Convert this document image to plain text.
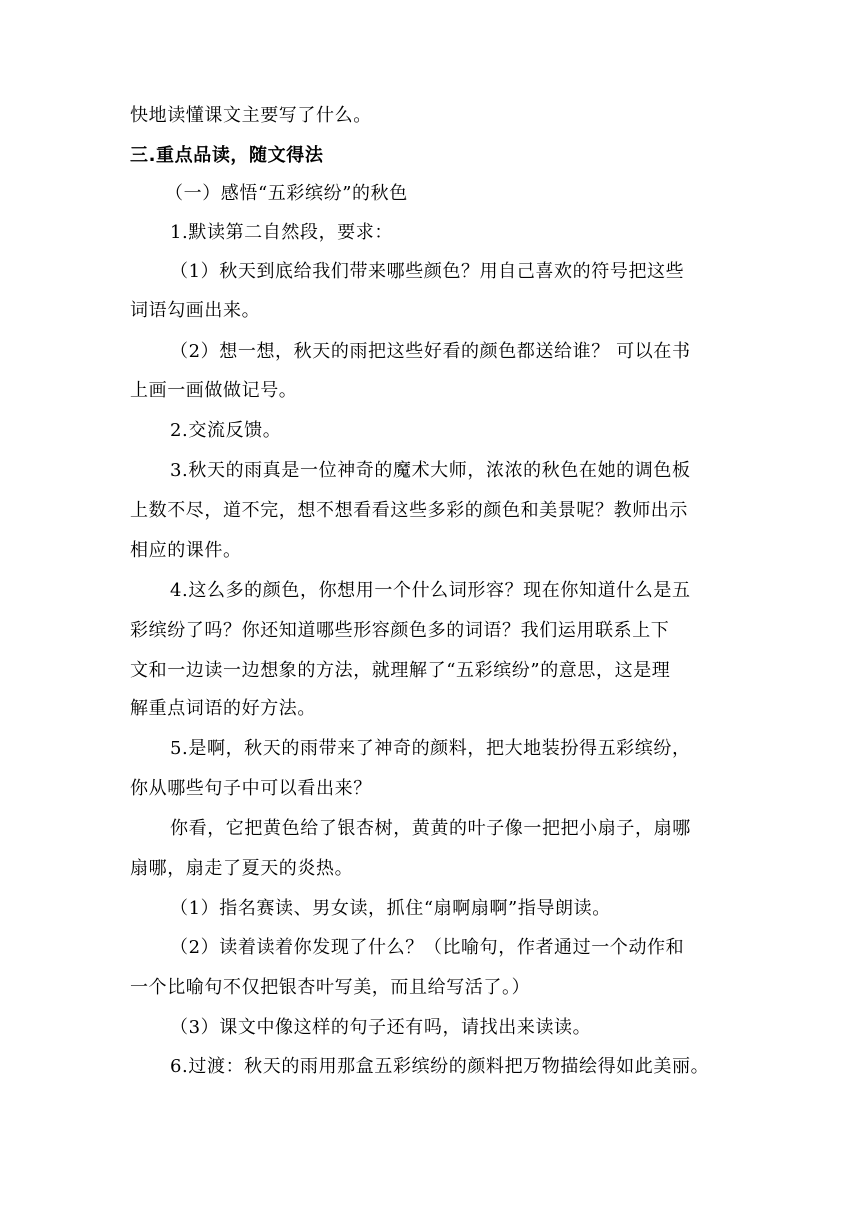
快地读懂课文主要写了什么。
三.重点品读，随文得法
（一）感悟“五彩缤纷”的秋色
1.默读第二自然段，要求：
（1）秋天到底给我们带来哪些颜色？用自己喜欢的符号把这些
词语勾画出来。
（2）想一想，秋天的雨把这些好看的颜色都送给谁？ 可以在书
上画一画做做记号。
2.交流反馈。
3.秋天的雨真是一位神奇的魔术大师，浓浓的秋色在她的调色板
上数不尽，道不完，想不想看看这些多彩的颜色和美景呢？教师出示
相应的课件。
4.这么多的颜色，你想用一个什么词形容？现在你知道什么是五
彩缤纷了吗？你还知道哪些形容颜色多的词语？我们运用联系上下
文和一边读一边想象的方法，就理解了“五彩缤纷”的意思，这是理
解重点词语的好方法。
5.是啊，秋天的雨带来了神奇的颜料，把大地装扮得五彩缤纷，
你从哪些句子中可以看出来？
你看，它把黄色给了银杏树，黄黄的叶子像一把把小扇子，扇哪
扇哪，扇走了夏天的炎热。
（1）指名赛读、男女读，抓住“扇啊扇啊”指导朗读。
（2）读着读着你发现了什么？（比喻句，作者通过一个动作和
一个比喻句不仅把银杏叶写美，而且给写活了。）
（3）课文中像这样的句子还有吗，请找出来读读。
6.过渡：秋天的雨用那盒五彩缤纷的颜料把万物描绘得如此美丽。
